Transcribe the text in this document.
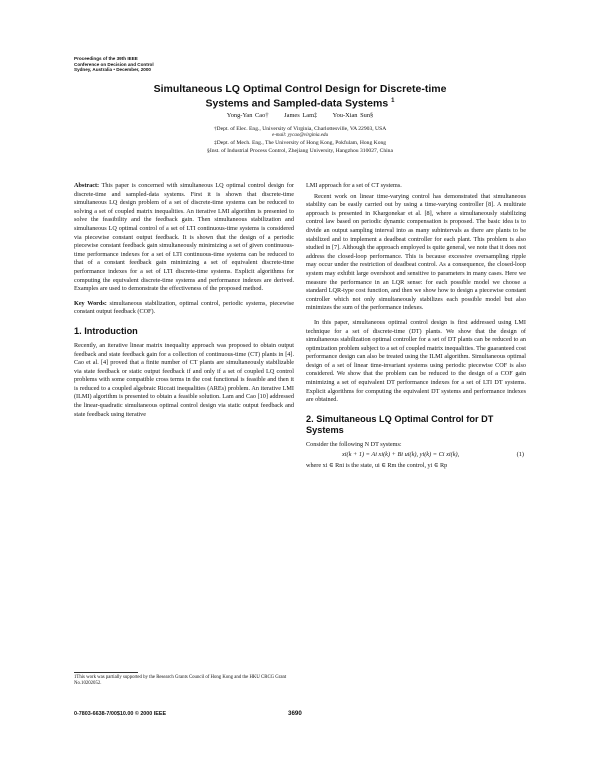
Proceedings of the 39th IEEE
Conference on Decision and Control
Sydney, Australia • December, 2000
Simultaneous LQ Optimal Control Design for Discrete-time
Systems and Sampled-data Systems $^1$
Yong-Yan Cao†      James Lam‡      You-Xian Sun§
†Dept. of Elec. Eng., University of Virginia, Charlottesville, VA 22903, USA
e-mail: yycao@virginia.edu
‡Dept. of Mech. Eng., The University of Hong Kong, Pokfulam, Hong Kong
§Inst. of Industrial Process Control, Zhejiang University, Hangzhou 310027, China

Abstract: This paper is concerned with simultaneous LQ optimal control design for discrete-time and sampled-data systems. First it is shown that discrete-time simultaneous LQ design problem of a set of discrete-time systems can be reduced to solving a set of coupled matrix inequalities. An iterative LMI algorithm is presented to solve the feasibility and the feedback gain. Then simultaneous stabilization and simultaneous LQ optimal control of a set of LTI continuous-time systems is considered via piecewise constant output feedback. It is shown that the design of a periodic piecewise constant feedback gain simultaneously minimizing a set of given continuous-time performance indexes for a set of LTI continuous-time systems can be reduced to that of a constant feedback gain minimizing a set of equivalent discrete-time performance indexes for a set of LTI discrete-time systems. Explicit algorithms for computing the equivalent discrete-time systems and performance indexes are derived. Examples are used to demonstrate the effectiveness of the proposed method.

Key Words: simultaneous stabilization, optimal control, periodic systems, piecewise constant output feedback (COF).

1. Introduction

Recently, an iterative linear matrix inequality approach was proposed to obtain output feedback and state feedback gain for a collection of continuous-time (CT) plants in [4]. Cao et al. [4] proved that a finite number of CT plants are simultaneously stabilizable via state feedback or static output feedback if and only if a set of coupled LQ control problems with some compatible cross terms in the cost functional is feasible and then it is reduced to a coupled algebraic Riccati inequalities (AREs) problem. An iterative LMI (ILMI) algorithm is presented to obtain a feasible solution. Lam and Cao [10] addressed the linear-quadratic simultaneous optimal control design via static output feedback and state feedback using iterative

1This work was partially supported by the Research Grants Council of Hong Kong and the HKU CRCG Grant No.10202052.

LMI approach for a set of CT systems.

Recent work on linear time-varying control has demonstrated that simultaneous stability can be easily carried out by using a time-varying controller [8]. A multirate approach is presented in Khargonekar et al. [8], where a simultaneously stabilizing control law based on periodic dynamic compensation is proposed. The basic idea is to divide an output sampling interval into as many subintervals as there are plants to be stabilized and to implement a deadbeat controller for each plant. This problem is also studied in [7]. Although the approach employed is quite general, we note that it does not address the closed-loop performance. This is because excessive oversampling ripple may occur under the restriction of deadbeat control. As a consequence, the closed-loop system may exhibit large overshoot and sensitive to parameters in many cases. Here we measure the performance in an LQR sense: for each possible model we choose a standard LQR-type cost function, and then we show how to design a piecewise constant controller which not only simultaneously stabilizes each possible model but also minimizes the sum of the performance indexes.

In this paper, simultaneous optimal control design is first addressed using LMI technique for a set of discrete-time (DT) plants. We show that the design of simultaneous stabilization optimal controller for a set of DT plants can be reduced to an optimization problem subject to a set of coupled matrix inequalities. The guaranteed cost performance design can also be treated using the ILMI algorithm. Simultaneous optimal design of a set of linear time-invariant systems using periodic piecewise COF is also considered. We show that the problem can be reduced to the design of a COF gain minimizing a set of equivalent DT performance indexes for a set of LTI DT systems. Explicit algorithms for computing the equivalent DT systems and performance indexes are obtained.

2. Simultaneous LQ Optimal Control for DT Systems

Consider the following N DT systems:

xi(k + 1) = Ai xi(k) + Bi ui(k), yi(k) = Ci xi(k),	(1)

where xi ∈ Rni is the state, ui ∈ Rm the control, yi ∈ Rp

0-7803-6638-7/00$10.00 © 2000 IEEE	3690
